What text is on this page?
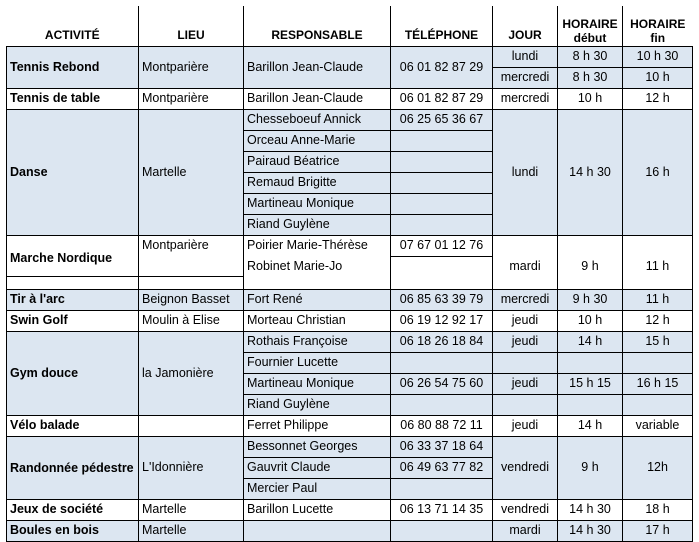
ACTIVITÉ	LIEU	RESPONSABLE	TÉLÉPHONE	JOUR	HORAIRE début	HORAIRE fin
Tennis Rebond	Montparière	Barillon Jean-Claude	06 01 82 87 29	lundi	8 h 30	10 h 30
				mercredi	8 h 30	10 h
Tennis de table	Montparière	Barillon Jean-Claude	06 01 82 87 29	mercredi	10 h	12 h
Danse	Martelle	Chesseboeuf Annick	06 25 65 36 67	lundi	14 h 30	16 h
		Orceau Anne-Marie				
		Pairaud Béatrice				
		Remaud Brigitte				
		Martineau Monique				
		Riand Guylène				
Marche Nordique	Montparière	Poirier Marie-Thérèse	07 67 01 12 76	mardi	9 h	11 h
		Robinet Marie-Jo				

Tir à l'arc	Beignon Basset	Fort René	06 85 63 39 79	mercredi	9 h 30	11 h
Swin Golf	Moulin à Elise	Morteau Christian	06 19 12 92 17	jeudi	10 h	12 h
Gym douce	la Jamonière	Rothais Françoise	06 18 26 18 84	jeudi	14 h	15 h
		Fournier Lucette				
		Martineau Monique	06 26 54 75 60	jeudi	15 h 15	16 h 15
		Riand Guylène				
Vélo balade		Ferret Philippe	06 80 88 72 11	jeudi	14 h	variable
Randonnée pédestre	L'Idonnière	Bessonnet Georges	06 33 37 18 64	vendredi	9 h	12h
		Gauvrit Claude	06 49 63 77 82			
		Mercier Paul				
Jeux de société	Martelle	Barillon Lucette	06 13 71 14 35	vendredi	14 h 30	18 h
Boules en bois	Martelle			mardi	14 h 30	17 h
